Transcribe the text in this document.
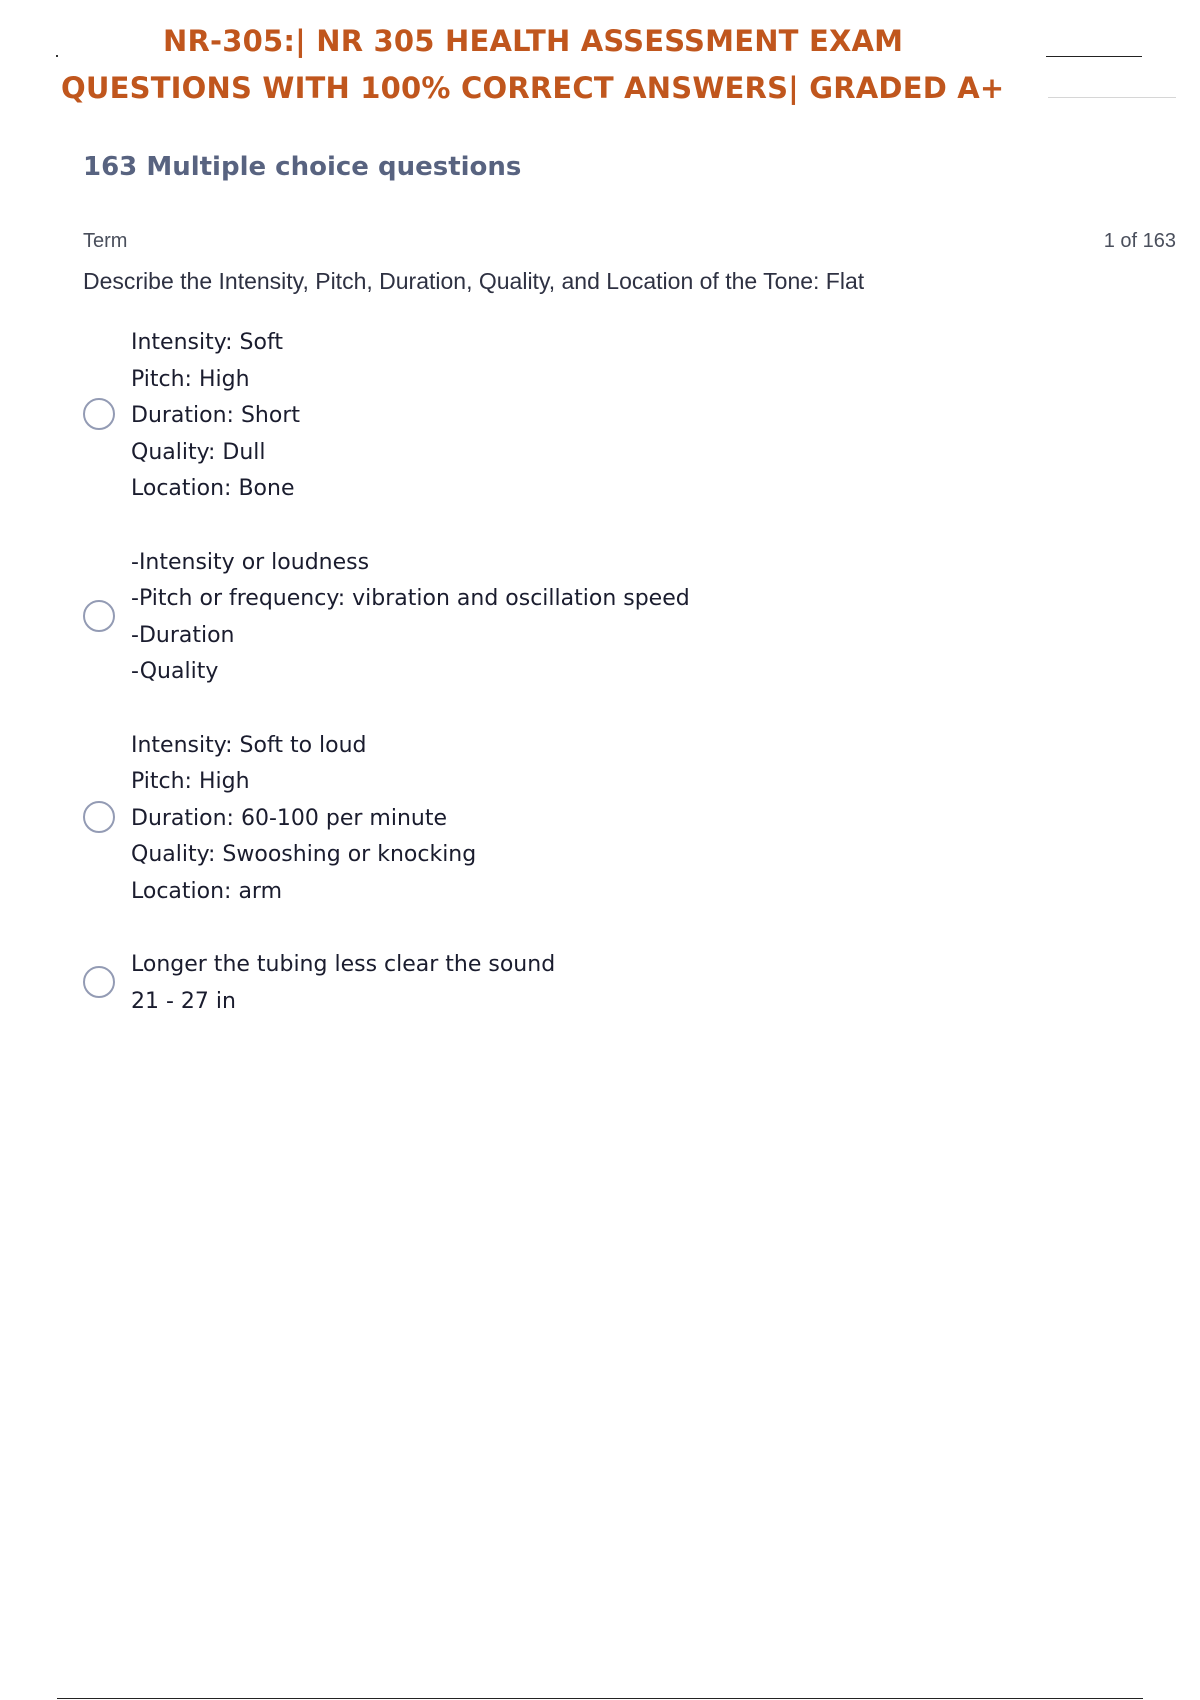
NR-305:| NR 305 HEALTH ASSESSMENT EXAM
QUESTIONS WITH 100% CORRECT ANSWERS| GRADED A+
163 Multiple choice questions
Term	1 of 163
Describe the Intensity, Pitch, Duration, Quality, and Location of the Tone: Flat
Intensity: Soft
Pitch: High
Duration: Short
Quality: Dull
Location: Bone
-Intensity or loudness
-Pitch or frequency: vibration and oscillation speed
-Duration
-Quality
Intensity: Soft to loud
Pitch: High
Duration: 60-100 per minute
Quality: Swooshing or knocking
Location: arm
Longer the tubing less clear the sound
21 - 27 in
